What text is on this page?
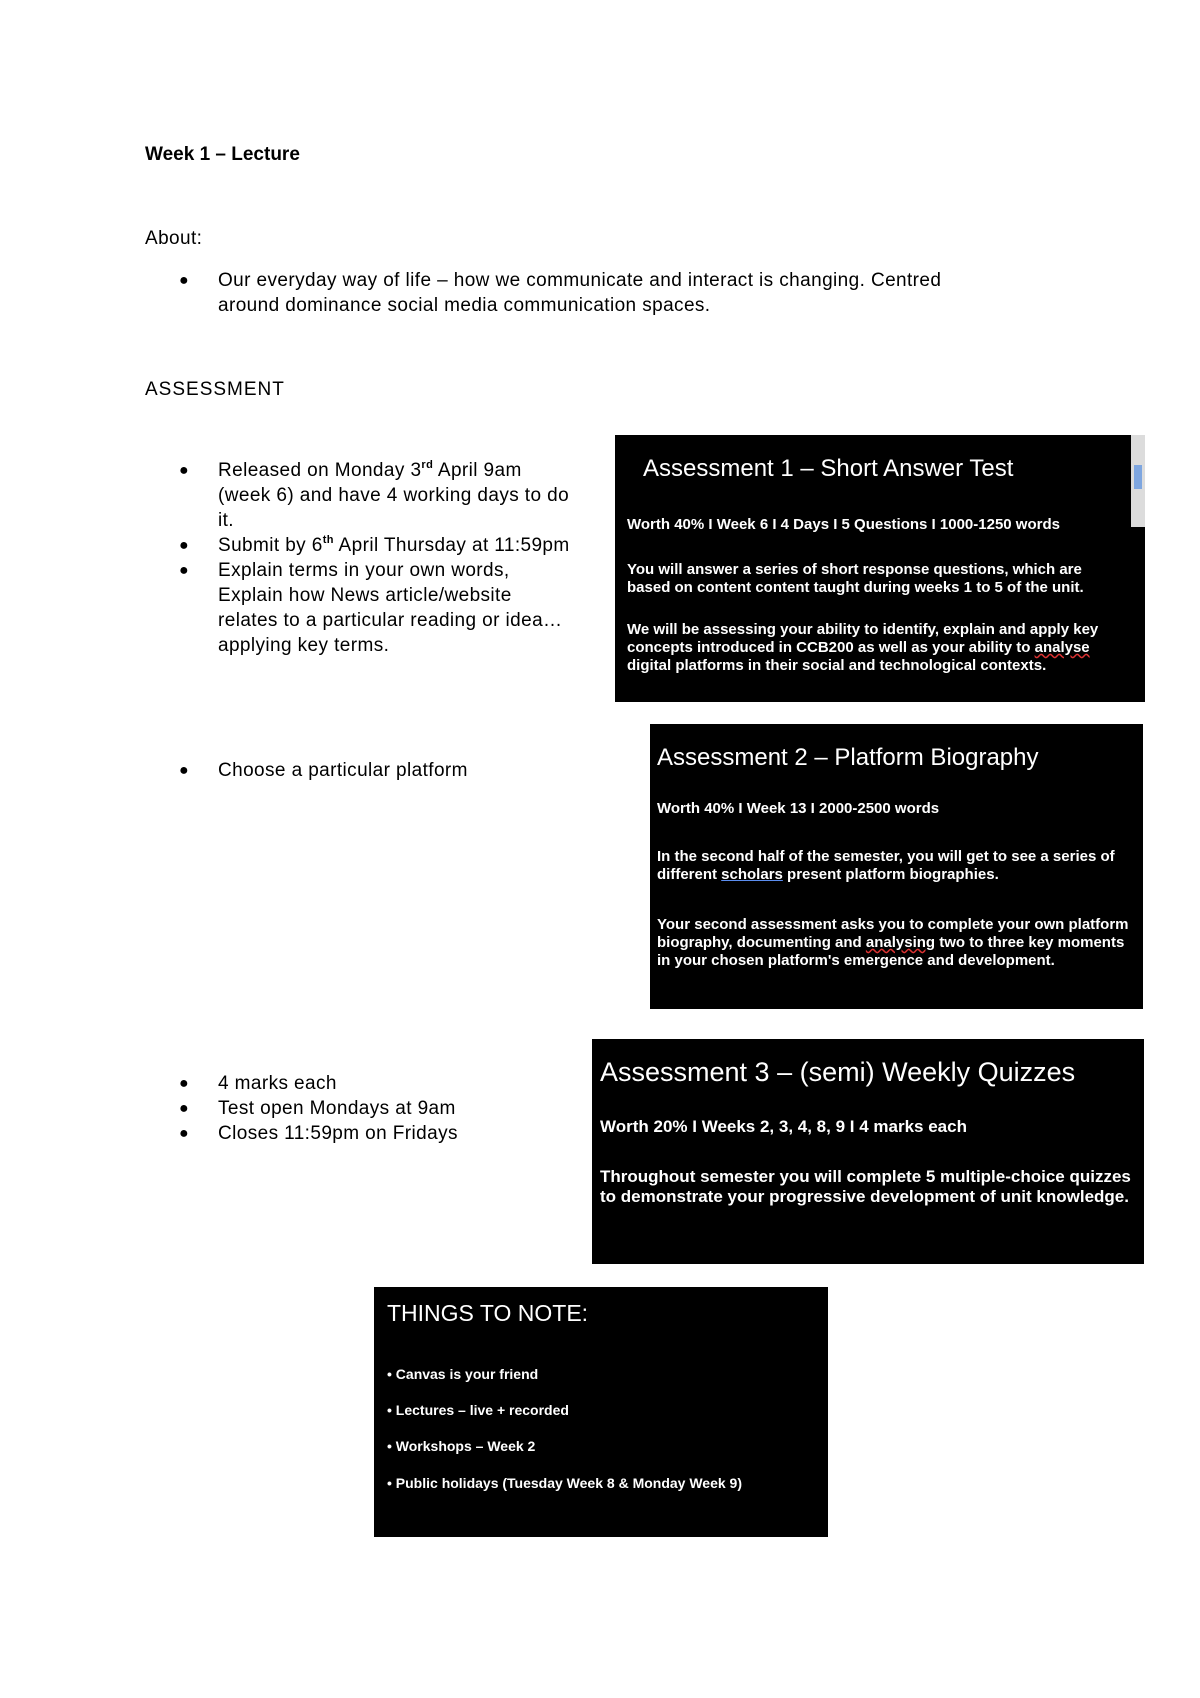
Week 1 – Lecture
About:
● Our everyday way of life – how we communicate and interact is changing. Centred
around dominance social media communication spaces.
ASSESSMENT
● Released on Monday 3rd April 9am
(week 6) and have 4 working days to do
it.
● Submit by 6th April Thursday at 11:59pm
● Explain terms in your own words,
Explain how News article/website
relates to a particular reading or idea…
applying key terms.
● Choose a particular platform
● 4 marks each
● Test open Mondays at 9am
● Closes 11:59pm on Fridays
Assessment 1 – Short Answer Test
Worth 40% I Week 6 I 4 Days I 5 Questions I 1000-1250 words
You will answer a series of short response questions, which are based on content content taught during weeks 1 to 5 of the unit.
We will be assessing your ability to identify, explain and apply key concepts introduced in CCB200 as well as your ability to analyse digital platforms in their social and technological contexts.
Assessment 2 – Platform Biography
Worth 40% I Week 13 I 2000-2500 words
In the second half of the semester, you will get to see a series of different scholars present platform biographies.
Your second assessment asks you to complete your own platform biography, documenting and analysing two to three key moments in your chosen platform's emergence and development.
Assessment 3 – (semi) Weekly Quizzes
Worth 20% I Weeks 2, 3, 4, 8, 9 I 4 marks each
Throughout semester you will complete 5 multiple-choice quizzes to demonstrate your progressive development of unit knowledge.
THINGS TO NOTE:
• Canvas is your friend
• Lectures – live + recorded
• Workshops – Week 2
• Public holidays (Tuesday Week 8 & Monday Week 9)
